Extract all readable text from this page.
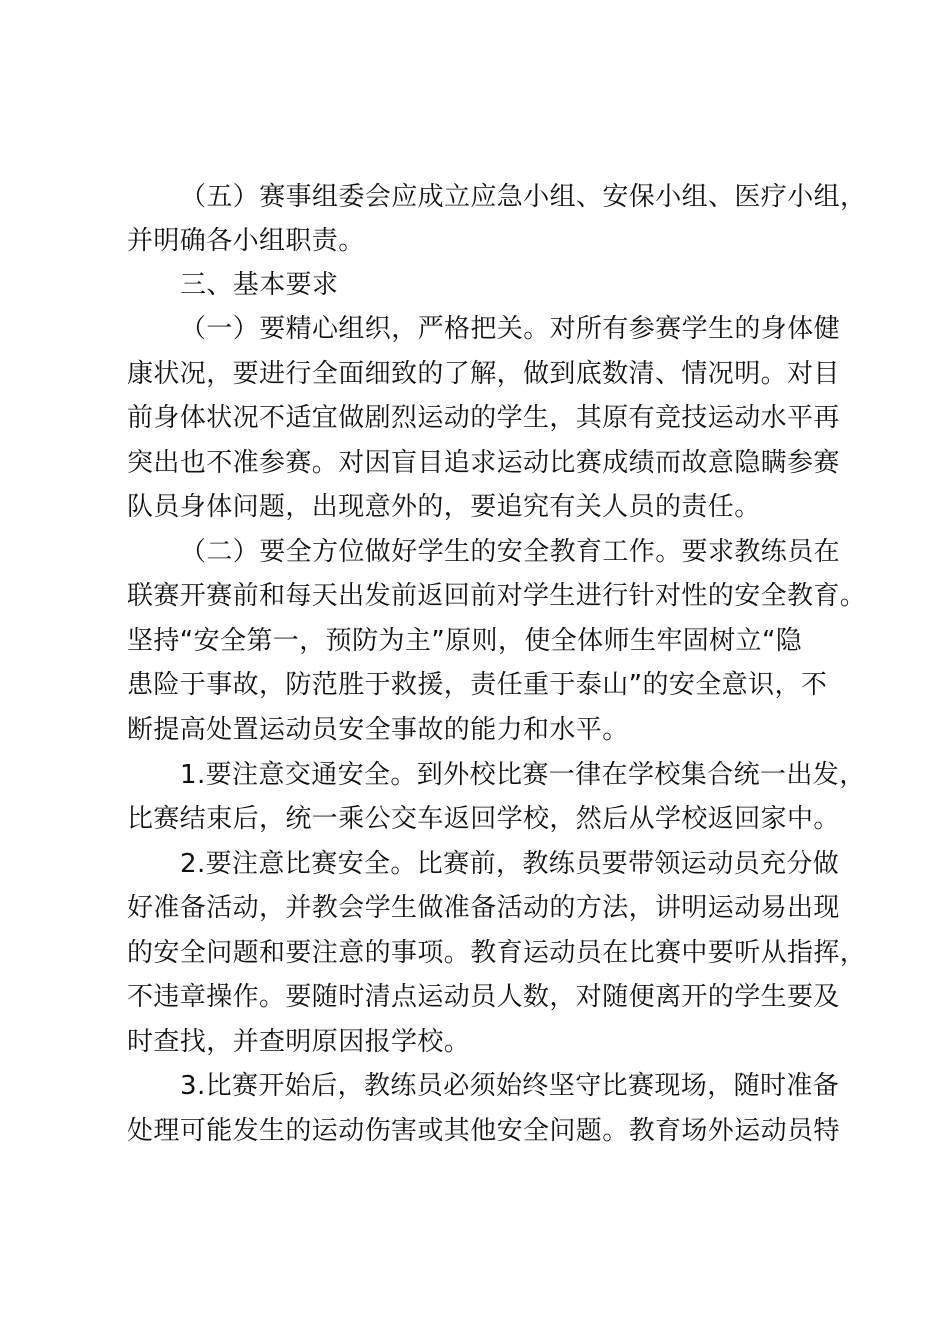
（五）赛事组委会应成立应急小组、安保小组、医疗小组，
并明确各小组职责。
三、基本要求
（一）要精心组织，严格把关。对所有参赛学生的身体健
康状况，要进行全面细致的了解，做到底数清、情况明。对目
前身体状况不适宜做剧烈运动的学生，其原有竞技运动水平再
突出也不准参赛。对因盲目追求运动比赛成绩而故意隐瞒参赛
队员身体问题，出现意外的，要追究有关人员的责任。
（二）要全方位做好学生的安全教育工作。要求教练员在
联赛开赛前和每天出发前返回前对学生进行针对性的安全教育。
坚持“安全第一，预防为主”原则，使全体师生牢固树立“隐
患险于事故，防范胜于救援，责任重于泰山”的安全意识，不
断提高处置运动员安全事故的能力和水平。
1.要注意交通安全。到外校比赛一律在学校集合统一出发，
比赛结束后，统一乘公交车返回学校，然后从学校返回家中。
2.要注意比赛安全。比赛前，教练员要带领运动员充分做
好准备活动，并教会学生做准备活动的方法，讲明运动易出现
的安全问题和要注意的事项。教育运动员在比赛中要听从指挥，
不违章操作。要随时清点运动员人数，对随便离开的学生要及
时查找，并查明原因报学校。
3.比赛开始后，教练员必须始终坚守比赛现场，随时准备
处理可能发生的运动伤害或其他安全问题。教育场外运动员特
